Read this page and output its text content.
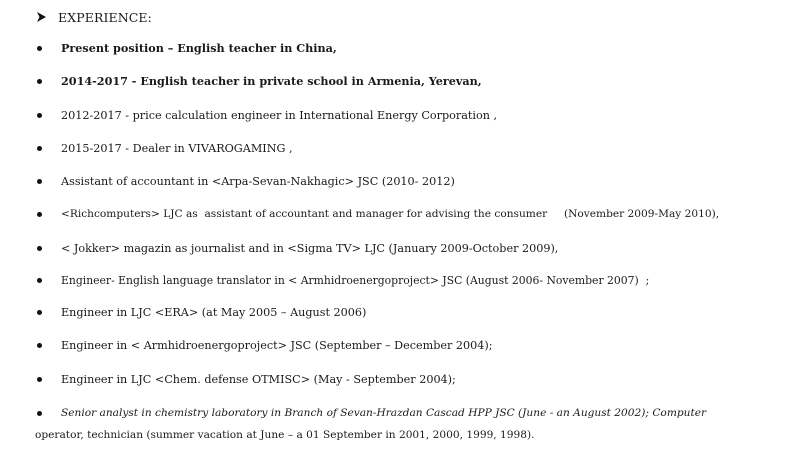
EXPERIENCE:
Present position – English teacher in China,
2014-2017 - English teacher in private school in Armenia, Yerevan,
2012-2017 - price calculation engineer in International Energy Corporation ,
2015-2017 - Dealer in VIVAROGAMING ,
Assistant of accountant in <Arpa-Sevan-Nakhagic> JSC (2010- 2012)
<Richcomputers> LJC as  assistant of accountant and manager for advising the consumer     (November 2009-May 2010),
< Jokker> magazin as journalist and in <Sigma TV> LJC (January 2009-October 2009),
Engineer- English language translator in < Armhidroenergoproject> JSC (August 2006- November 2007)  ;
Engineer in LJC <ERA> (at May 2005 – August 2006)
Engineer in < Armhidroenergoproject> JSC (September – December 2004);
Engineer in LJC <Chem. defense OTMISC> (May - September 2004);
Senior analyst in chemistry laboratory in Branch of Sevan-Hrazdan Cascad HPP JSC (June - an August 2002); Computer
operator, technician (summer vacation at June – a 01 September in 2001, 2000, 1999, 1998).
